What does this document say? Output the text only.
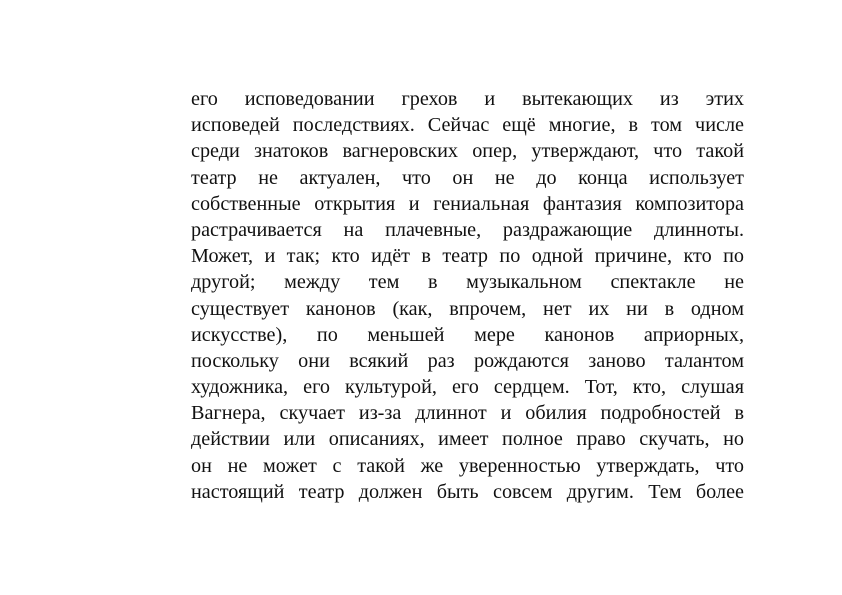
его исповедовании грехов и вытекающих из этих
исповедей последствиях. Сейчас ещё многие, в том числе
среди знатоков вагнеровских опер, утверждают, что такой
театр не актуален, что он не до конца использует
собственные открытия и гениальная фантазия композитора
растрачивается на плачевные, раздражающие длинноты.
Может, и так; кто идёт в театр по одной причине, кто по
другой; между тем в музыкальном спектакле не
существует канонов (как, впрочем, нет их ни в одном
искусстве), по меньшей мере канонов априорных,
поскольку они всякий раз рождаются заново талантом
художника, его культурой, его сердцем. Тот, кто, слушая
Вагнера, скучает из-за длиннот и обилия подробностей в
действии или описаниях, имеет полное право скучать, но
он не может с такой же уверенностью утверждать, что
настоящий театр должен быть совсем другим. Тем более
